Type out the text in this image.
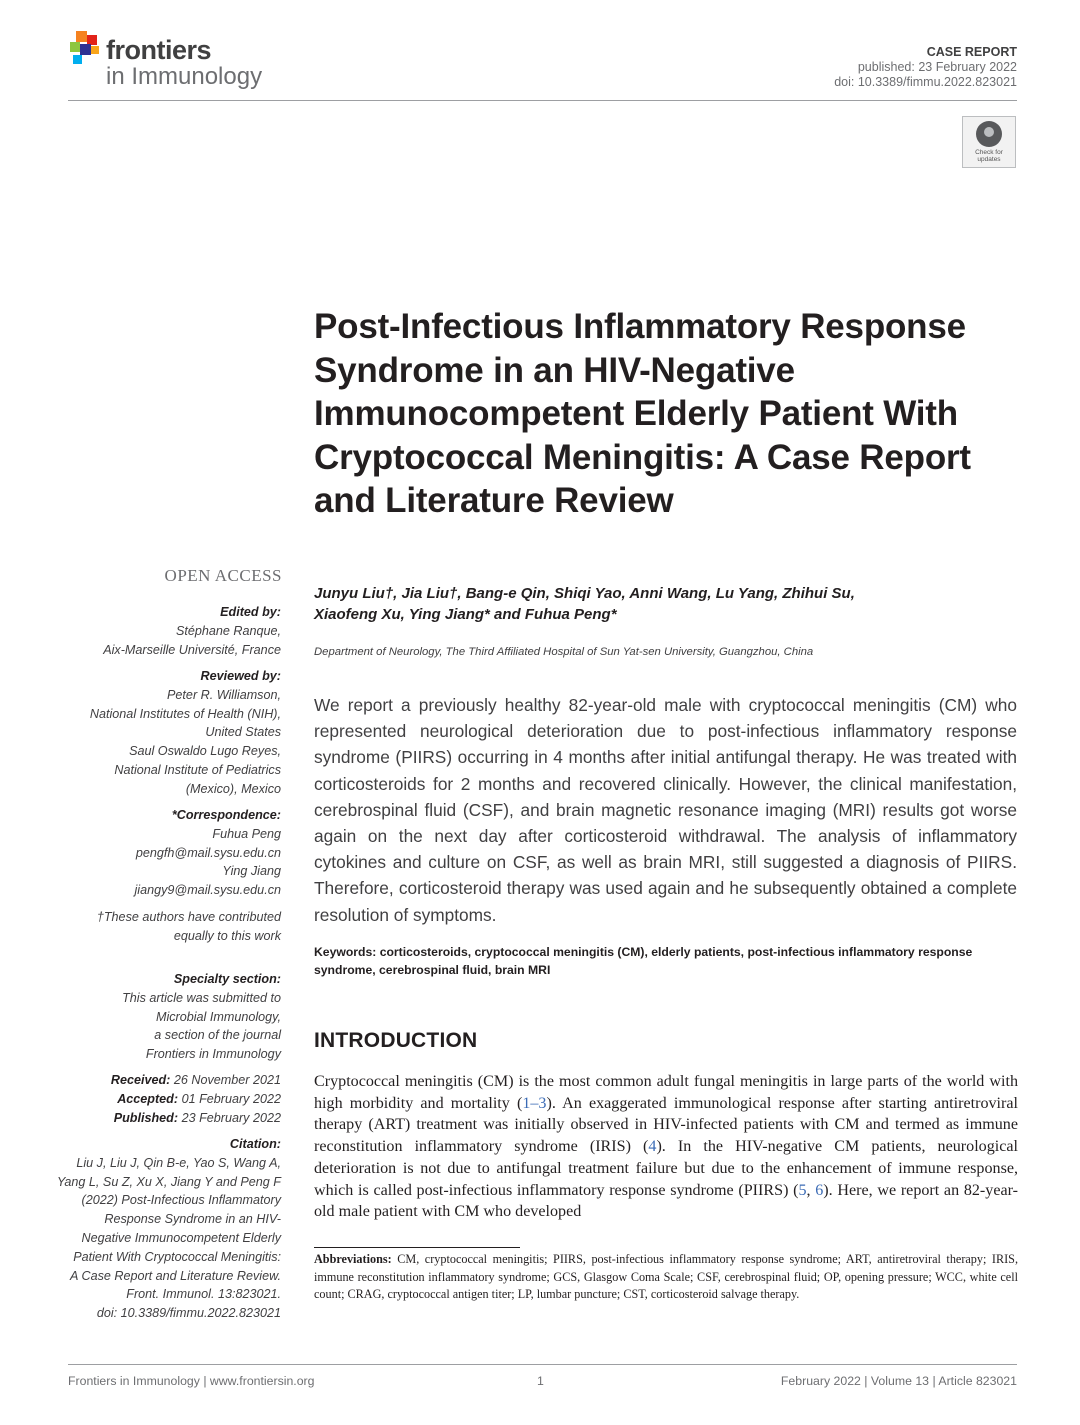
frontiers
in Immunology
CASE REPORT
published: 23 February 2022
doi: 10.3389/fimmu.2022.823021
Check for
updates
Post-Infectious Inflammatory Response Syndrome in an HIV-Negative Immunocompetent Elderly Patient With Cryptococcal Meningitis: A Case Report and Literature Review
OPEN ACCESS
Edited by:
Stéphane Ranque,
Aix-Marseille Université, France
Reviewed by:
Peter R. Williamson,
National Institutes of Health (NIH),
United States
Saul Oswaldo Lugo Reyes,
National Institute of Pediatrics
(Mexico), Mexico
*Correspondence:
Fuhua Peng
pengfh@mail.sysu.edu.cn
Ying Jiang
jiangy9@mail.sysu.edu.cn
†These authors have contributed
equally to this work
Specialty section:
This article was submitted to
Microbial Immunology,
a section of the journal
Frontiers in Immunology
Received: 26 November 2021
Accepted: 01 February 2022
Published: 23 February 2022
Citation:
Liu J, Liu J, Qin B-e, Yao S, Wang A,
Yang L, Su Z, Xu X, Jiang Y and Peng F
(2022) Post-Infectious Inflammatory
Response Syndrome in an HIV-
Negative Immunocompetent Elderly
Patient With Cryptococcal Meningitis:
A Case Report and Literature Review.
Front. Immunol. 13:823021.
doi: 10.3389/fimmu.2022.823021
Junyu Liu†, Jia Liu†, Bang-e Qin, Shiqi Yao, Anni Wang, Lu Yang, Zhihui Su,
Xiaofeng Xu, Ying Jiang* and Fuhua Peng*
Department of Neurology, The Third Affiliated Hospital of Sun Yat-sen University, Guangzhou, China
We report a previously healthy 82-year-old male with cryptococcal meningitis (CM) who represented neurological deterioration due to post-infectious inflammatory response syndrome (PIIRS) occurring in 4 months after initial antifungal therapy. He was treated with corticosteroids for 2 months and recovered clinically. However, the clinical manifestation, cerebrospinal fluid (CSF), and brain magnetic resonance imaging (MRI) results got worse again on the next day after corticosteroid withdrawal. The analysis of inflammatory cytokines and culture on CSF, as well as brain MRI, still suggested a diagnosis of PIIRS. Therefore, corticosteroid therapy was used again and he subsequently obtained a complete resolution of symptoms.
Keywords: corticosteroids, cryptococcal meningitis (CM), elderly patients, post-infectious inflammatory response syndrome, cerebrospinal fluid, brain MRI
INTRODUCTION
Cryptococcal meningitis (CM) is the most common adult fungal meningitis in large parts of the world with high morbidity and mortality (1–3). An exaggerated immunological response after starting antiretroviral therapy (ART) treatment was initially observed in HIV-infected patients with CM and termed as immune reconstitution inflammatory syndrome (IRIS) (4). In the HIV-negative CM patients, neurological deterioration is not due to antifungal treatment failure but due to the enhancement of immune response, which is called post-infectious inflammatory response syndrome (PIIRS) (5, 6). Here, we report an 82-year-old male patient with CM who developed
Abbreviations: CM, cryptococcal meningitis; PIIRS, post-infectious inflammatory response syndrome; ART, antiretroviral therapy; IRIS, immune reconstitution inflammatory syndrome; GCS, Glasgow Coma Scale; CSF, cerebrospinal fluid; OP, opening pressure; WCC, white cell count; CRAG, cryptococcal antigen titer; LP, lumbar puncture; CST, corticosteroid salvage therapy.
Frontiers in Immunology | www.frontiersin.org	1	February 2022 | Volume 13 | Article 823021
